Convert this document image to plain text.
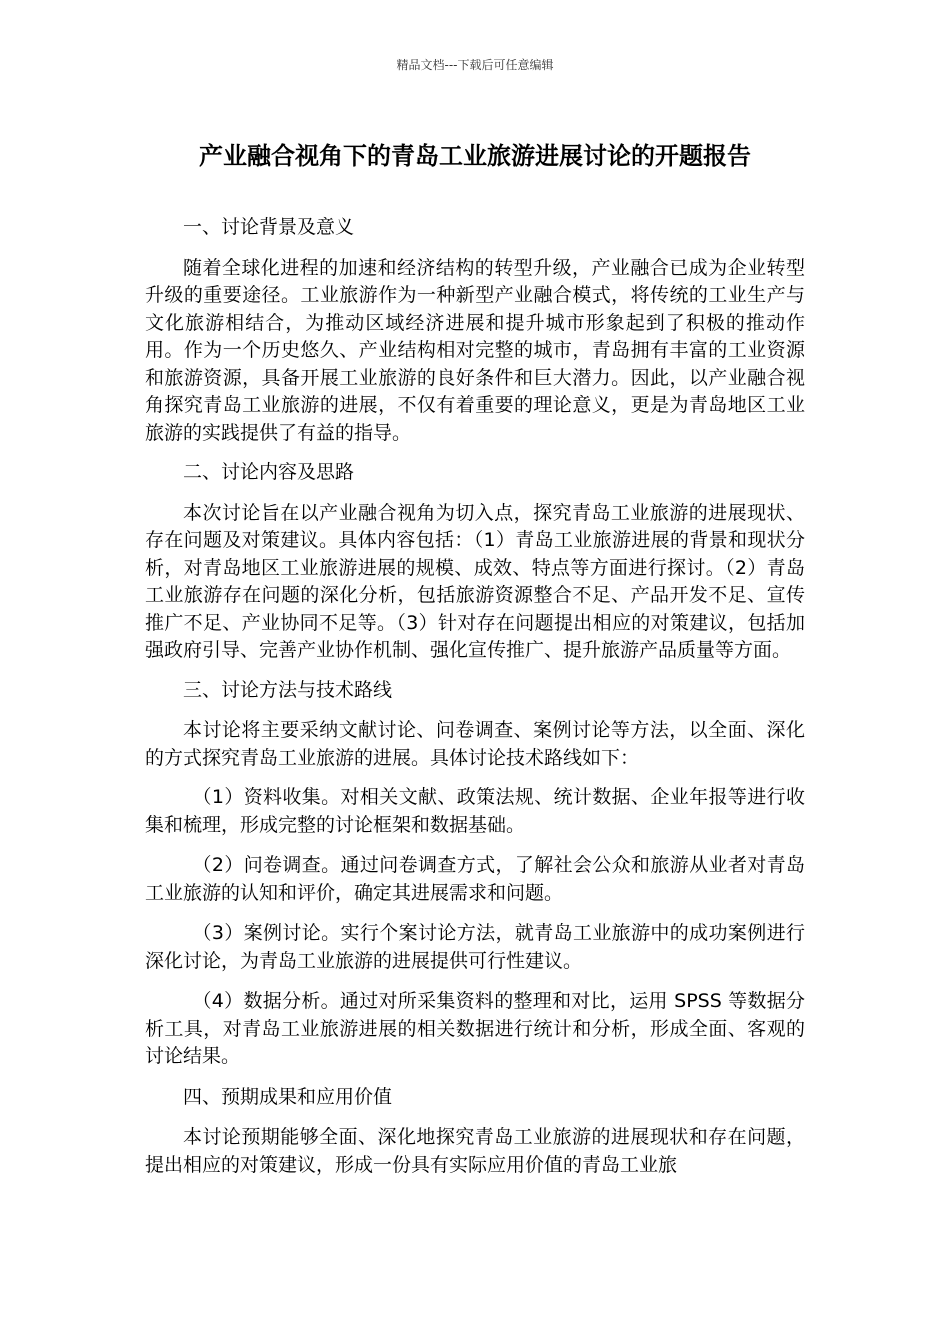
精品文档---下载后可任意编辑
产业融合视角下的青岛工业旅游进展讨论的开题报告

一、讨论背景及意义

随着全球化进程的加速和经济结构的转型升级，产业融合已成为企业转型升级的重要途径。工业旅游作为一种新型产业融合模式，将传统的工业生产与文化旅游相结合，为推动区域经济进展和提升城市形象起到了积极的推动作用。作为一个历史悠久、产业结构相对完整的城市，青岛拥有丰富的工业资源和旅游资源，具备开展工业旅游的良好条件和巨大潜力。因此，以产业融合视角探究青岛工业旅游的进展，不仅有着重要的理论意义，更是为青岛地区工业旅游的实践提供了有益的指导。

二、讨论内容及思路

本次讨论旨在以产业融合视角为切入点，探究青岛工业旅游的进展现状、存在问题及对策建议。具体内容包括：（1）青岛工业旅游进展的背景和现状分析，对青岛地区工业旅游进展的规模、成效、特点等方面进行探讨。（2）青岛工业旅游存在问题的深化分析，包括旅游资源整合不足、产品开发不足、宣传推广不足、产业协同不足等。（3）针对存在问题提出相应的对策建议，包括加强政府引导、完善产业协作机制、强化宣传推广、提升旅游产品质量等方面。

三、讨论方法与技术路线

本讨论将主要采纳文献讨论、问卷调查、案例讨论等方法，以全面、深化的方式探究青岛工业旅游的进展。具体讨论技术路线如下：

（1）资料收集。对相关文献、政策法规、统计数据、企业年报等进行收集和梳理，形成完整的讨论框架和数据基础。

（2）问卷调查。通过问卷调查方式，了解社会公众和旅游从业者对青岛工业旅游的认知和评价，确定其进展需求和问题。

（3）案例讨论。实行个案讨论方法，就青岛工业旅游中的成功案例进行深化讨论，为青岛工业旅游的进展提供可行性建议。

（4）数据分析。通过对所采集资料的整理和对比，运用 SPSS 等数据分析工具，对青岛工业旅游进展的相关数据进行统计和分析，形成全面、客观的讨论结果。

四、预期成果和应用价值

本讨论预期能够全面、深化地探究青岛工业旅游的进展现状和存在问题，提出相应的对策建议，形成一份具有实际应用价值的青岛工业旅
